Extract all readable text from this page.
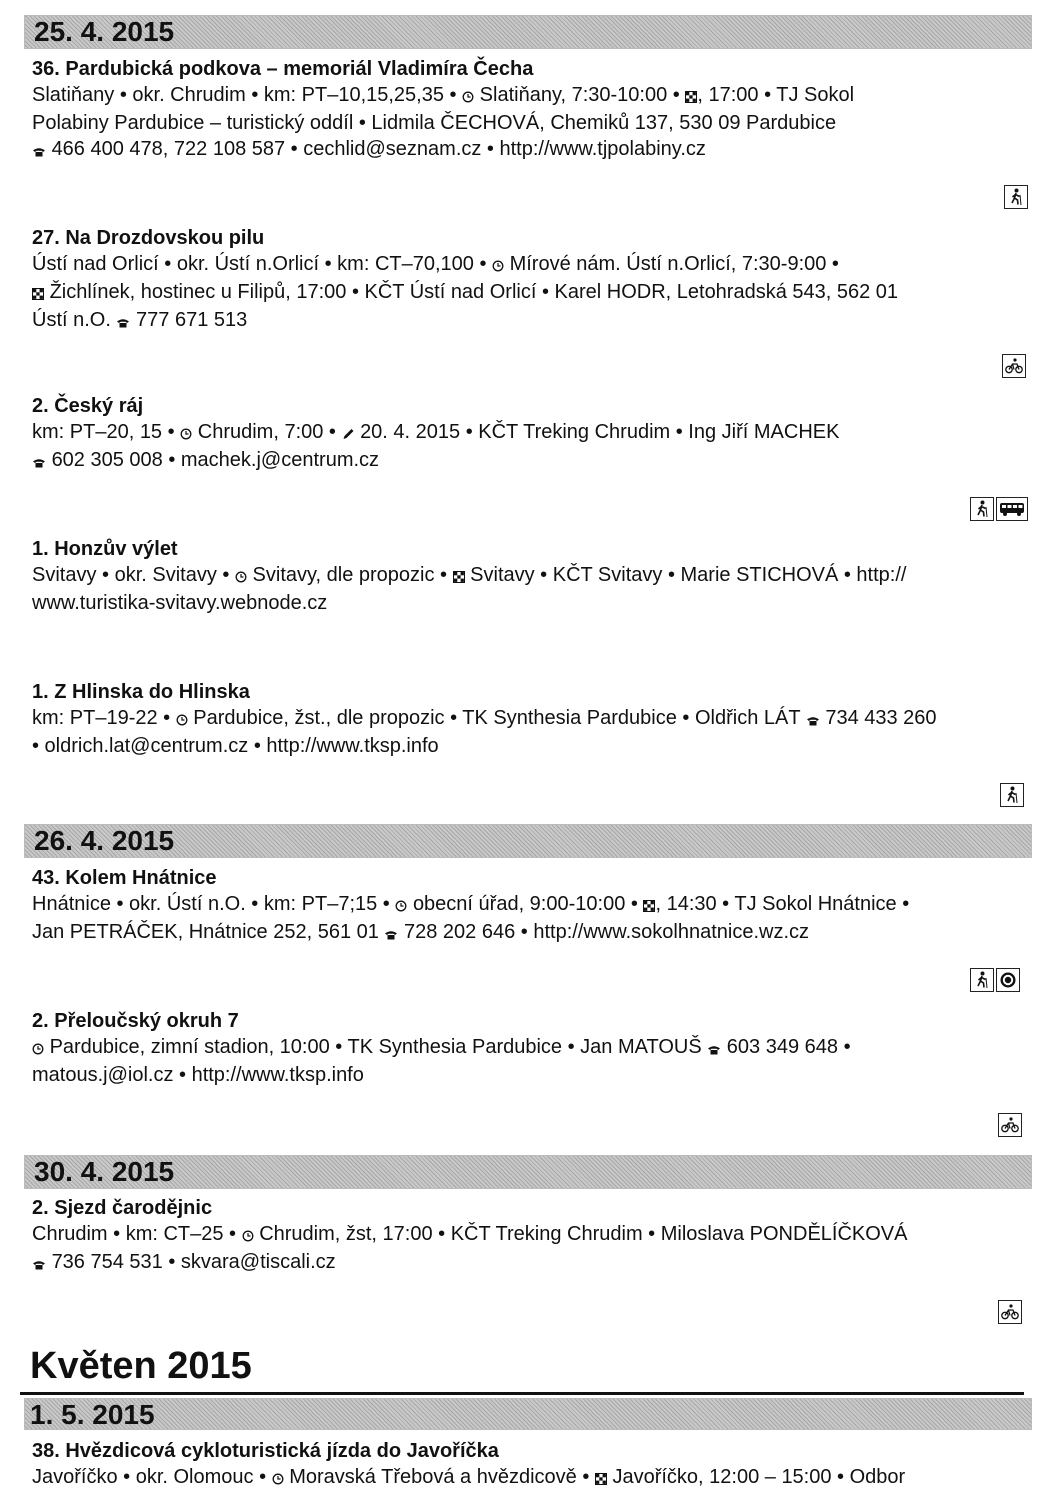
25. 4. 2015
36. Pardubická podkova – memoriál Vladimíra Čecha
Slatiňany • okr. Chrudim • km: PT–10,15,25,35 • Slatiňany, 7:30-10:00 • , 17:00 • TJ Sokol
Polabiny Pardubice – turistický oddíl • Lidmila ČECHOVÁ, Chemiků 137, 530 09 Pardubice
466 400 478, 722 108 587 • cechlid@seznam.cz • http://www.tjpolabiny.cz
27. Na Drozdovskou pilu
Ústí nad Orlicí • okr. Ústí n.Orlicí • km: CT–70,100 • Mírové nám. Ústí n.Orlicí, 7:30-9:00 •
Žichlínek, hostinec u Filipů, 17:00 • KČT Ústí nad Orlicí • Karel HODR, Letohradská 543, 562 01
Ústí n.O. 777 671 513
2. Český ráj
km: PT–20, 15 • Chrudim, 7:00 • 20. 4. 2015 • KČT Treking Chrudim • Ing Jiří MACHEK
602 305 008 • machek.j@centrum.cz
1. Honzův výlet
Svitavy • okr. Svitavy • Svitavy, dle propozic • Svitavy • KČT Svitavy • Marie STICHOVÁ • http://
www.turistika-svitavy.webnode.cz
1. Z Hlinska do Hlinska
km: PT–19-22 • Pardubice, žst., dle propozic • TK Synthesia Pardubice • Oldřich LÁT 734 433 260
• oldrich.lat@centrum.cz • http://www.tksp.info
26. 4. 2015
43. Kolem Hnátnice
Hnátnice • okr. Ústí n.O. • km: PT–7;15 • obecní úřad, 9:00-10:00 • , 14:30 • TJ Sokol Hnátnice •
Jan PETRÁČEK, Hnátnice 252, 561 01 728 202 646 • http://www.sokolhnatnice.wz.cz
2. Přeloučský okruh 7
Pardubice, zimní stadion, 10:00 • TK Synthesia Pardubice • Jan MATOUŠ 603 349 648 •
matous.j@iol.cz • http://www.tksp.info
30. 4. 2015
2. Sjezd čarodějnic
Chrudim • km: CT–25 • Chrudim, žst, 17:00 • KČT Treking Chrudim • Miloslava PONDĚLÍČKOVÁ
736 754 531 • skvara@tiscali.cz
Květen 2015
1. 5. 2015
38. Hvězdicová cykloturistická jízda do Javoříčka
Javoříčko • okr. Olomouc • Moravská Třebová a hvězdicově • Javoříčko, 12:00 – 15:00 • Odbor
